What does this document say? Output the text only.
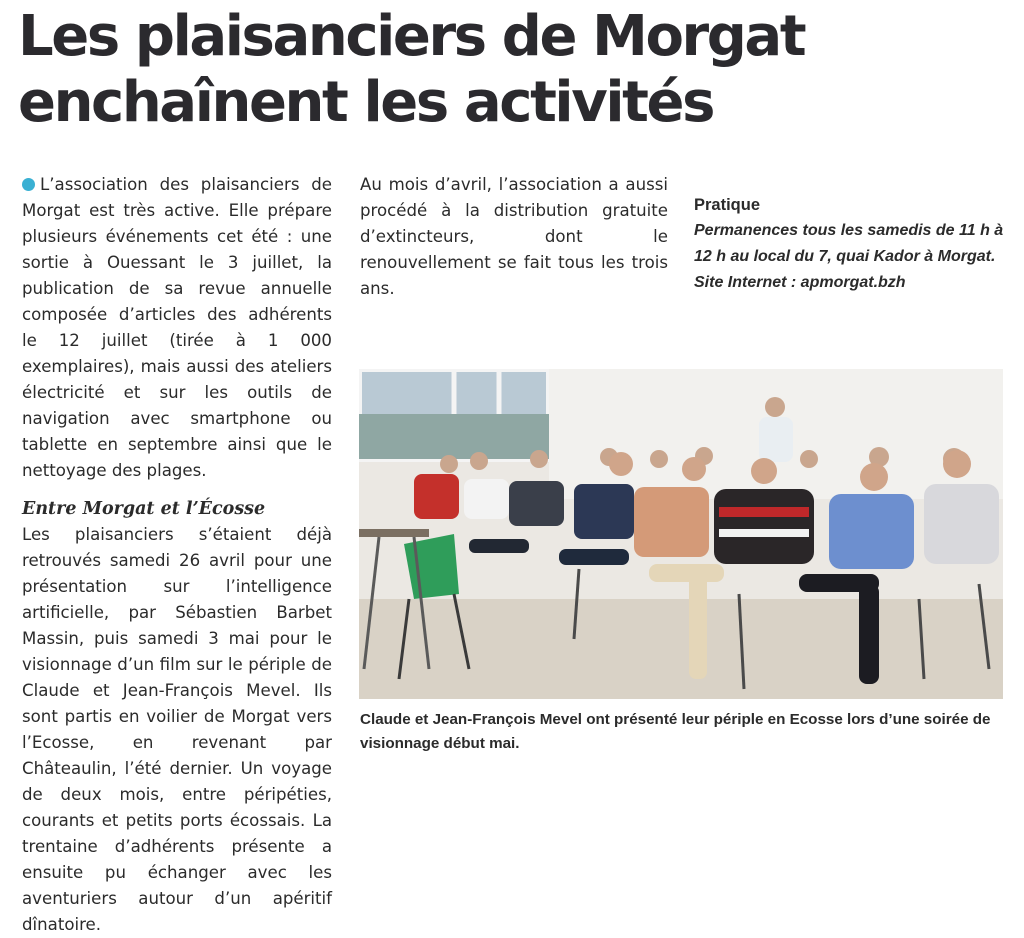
Les plaisanciers de Morgat
enchaînent les activités

L’association des plaisanciers de Morgat est très active. Elle prépare plusieurs événements cet été : une sortie à Ouessant le 3 juillet, la publication de sa revue annuelle composée d’articles des adhérents le 12 juillet (tirée à 1 000 exemplaires), mais aussi des ateliers électricité et sur les outils de navigation avec smartphone ou tablette en septembre ainsi que le nettoyage des plages.

Entre Morgat et l’Écosse

Les plaisanciers s’étaient déjà retrouvés samedi 26 avril pour une présentation sur l’intelligence artificielle, par Sébastien Barbet Massin, puis samedi 3 mai pour le visionnage d’un film sur le périple de Claude et Jean-François Mevel. Ils sont partis en voilier de Morgat vers l’Ecosse, en revenant par Châteaulin, l’été dernier. Un voyage de deux mois, entre péripéties, courants et petits ports écossais. La trentaine d’adhérents présente a ensuite pu échanger avec les aventuriers autour d’un apéritif dînatoire.

Au mois d’avril, l’association a aussi procédé à la distribution gratuite d’extincteurs, dont le renouvellement se fait tous les trois ans.

Pratique

Permanences tous les samedis de 11 h à 12 h au local du 7, quai Kador à Morgat.

Site Internet : apmorgat.bzh

Claude et Jean-François Mevel ont présenté leur périple en Ecosse lors d’une soirée de visionnage début mai.
